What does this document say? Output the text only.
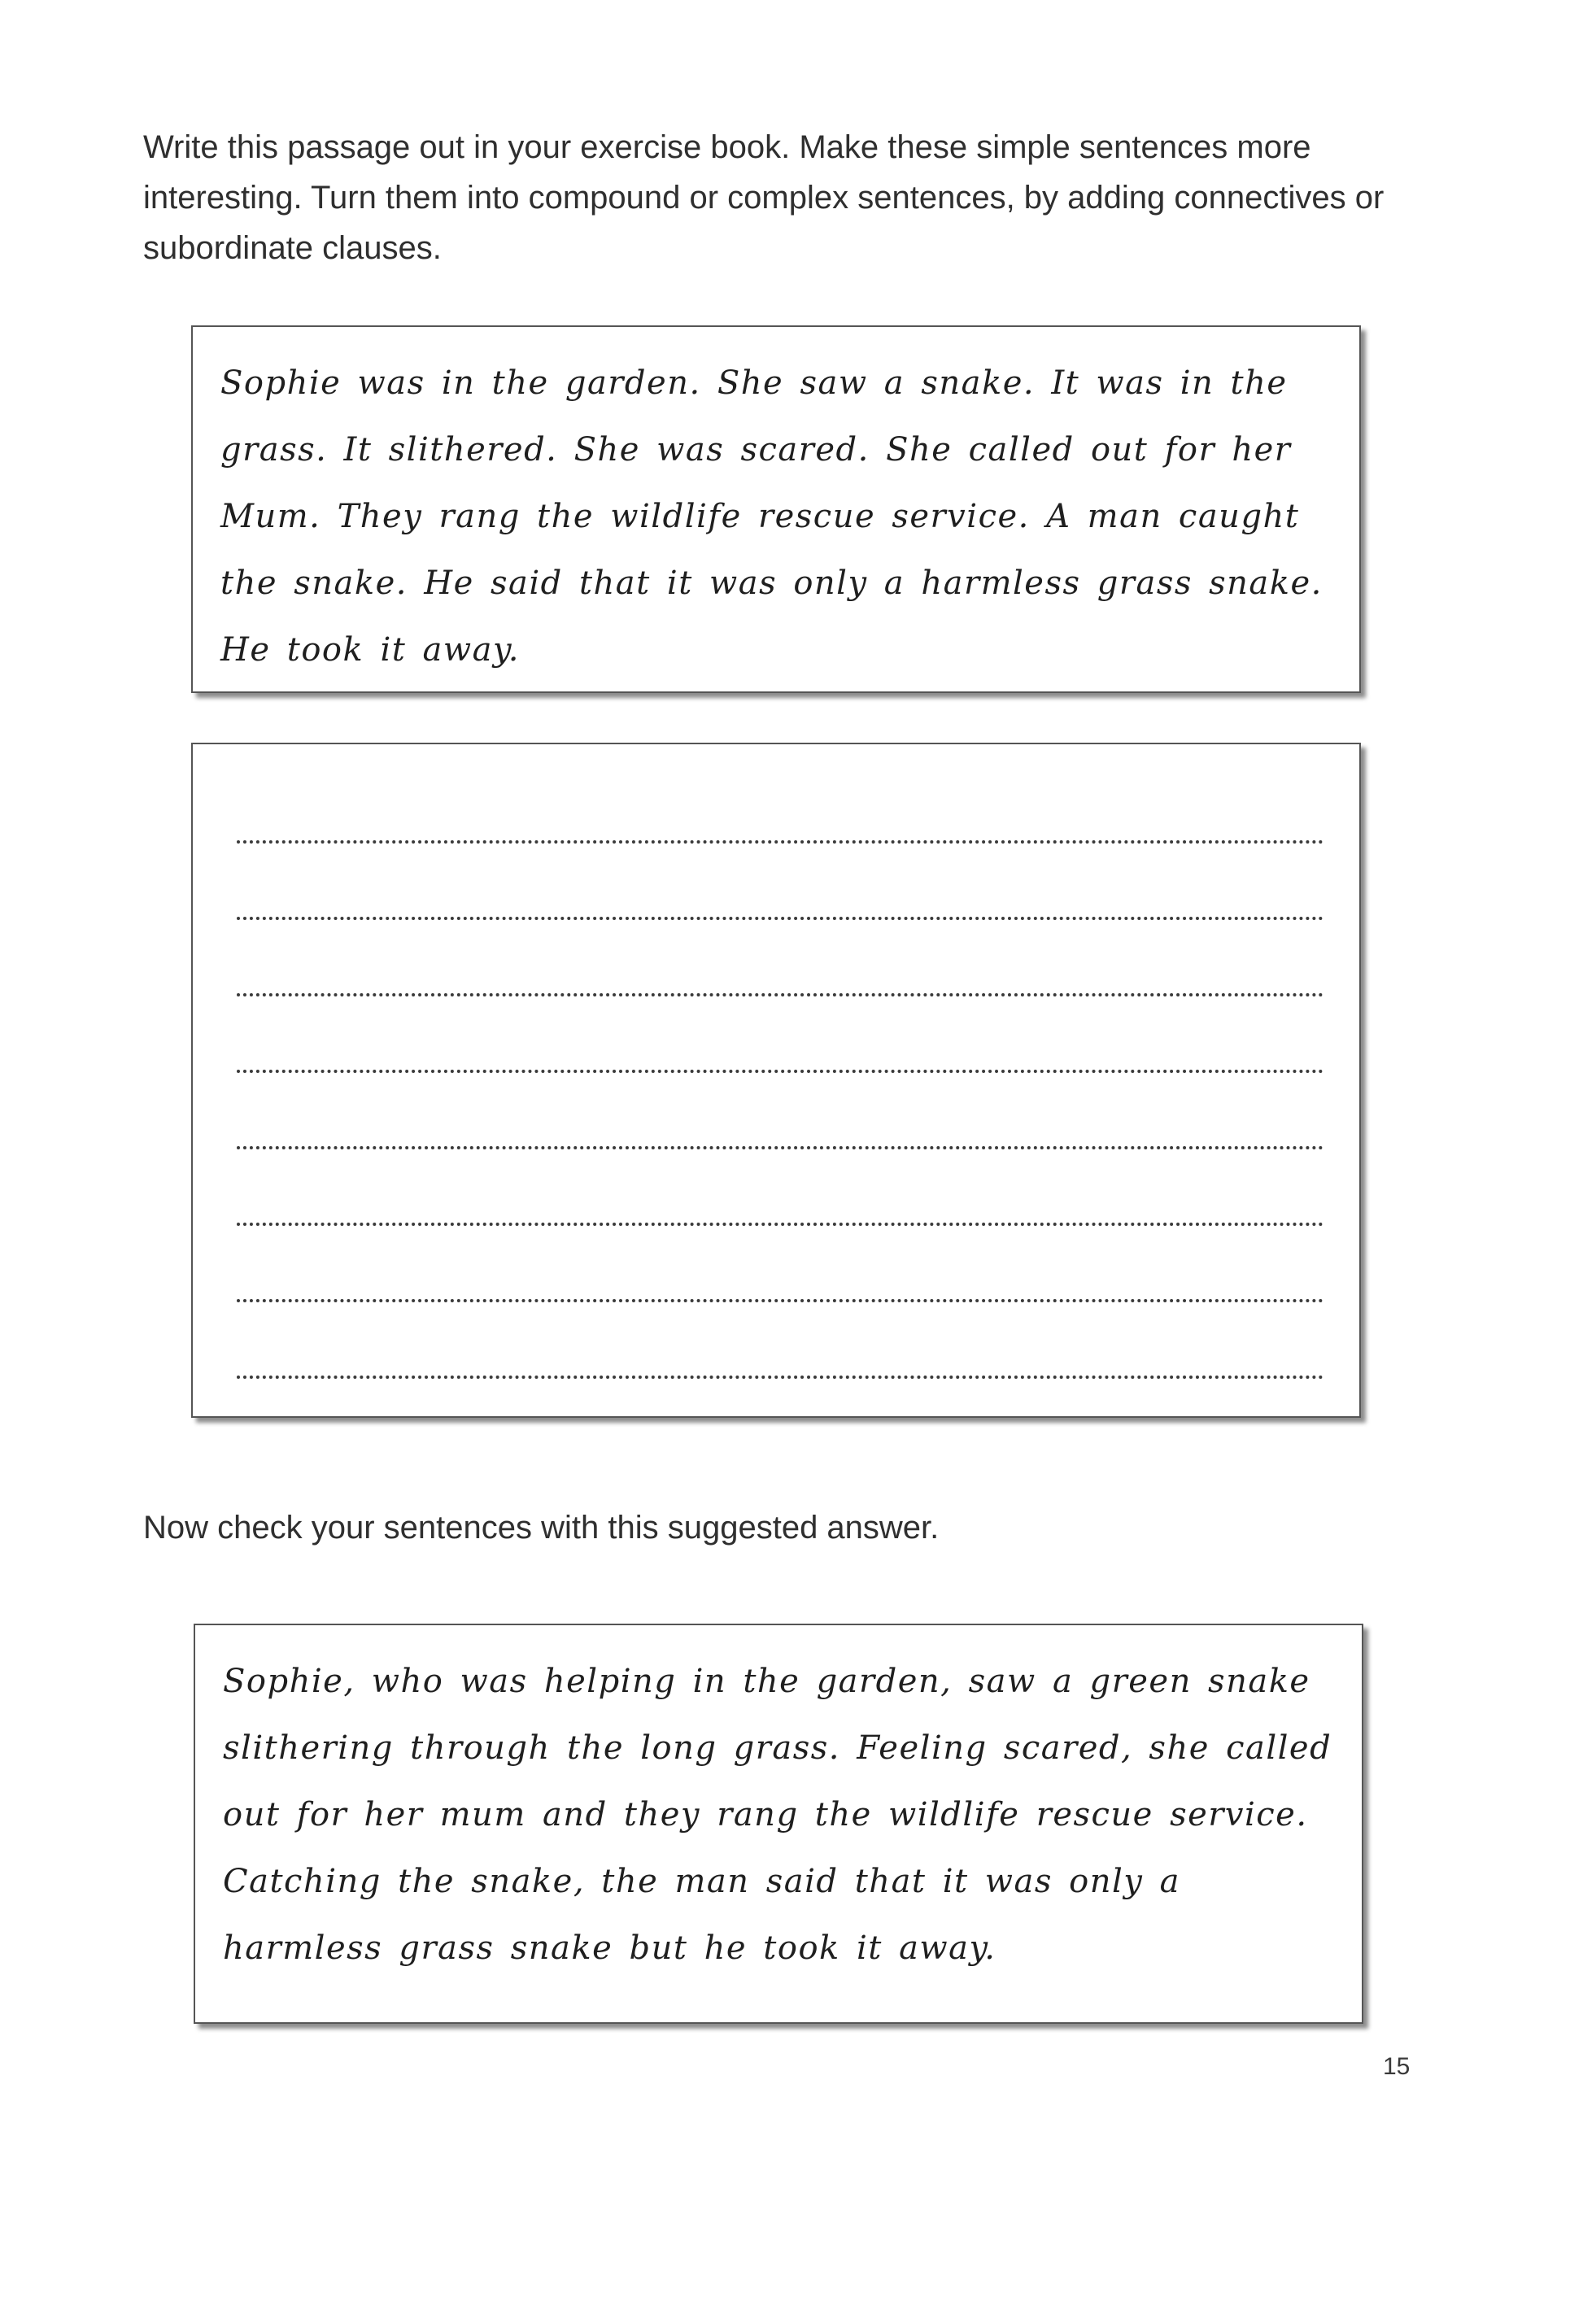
Write this passage out in your exercise book. Make these simple sentences more interesting. Turn them into compound or complex sentences, by adding connectives or subordinate clauses.

Sophie was in the garden. She saw a snake. It was in the grass. It slithered. She was scared. She called out for her Mum. They rang the wildlife rescue service. A man caught the snake. He said that it was only a harmless grass snake. He took it away.

Now check your sentences with this suggested answer.

Sophie, who was helping in the garden, saw a green snake slithering through the long grass. Feeling scared, she called out for her mum and they rang the wildlife rescue service. Catching the snake, the man said that it was only a harmless grass snake but he took it away.

15
